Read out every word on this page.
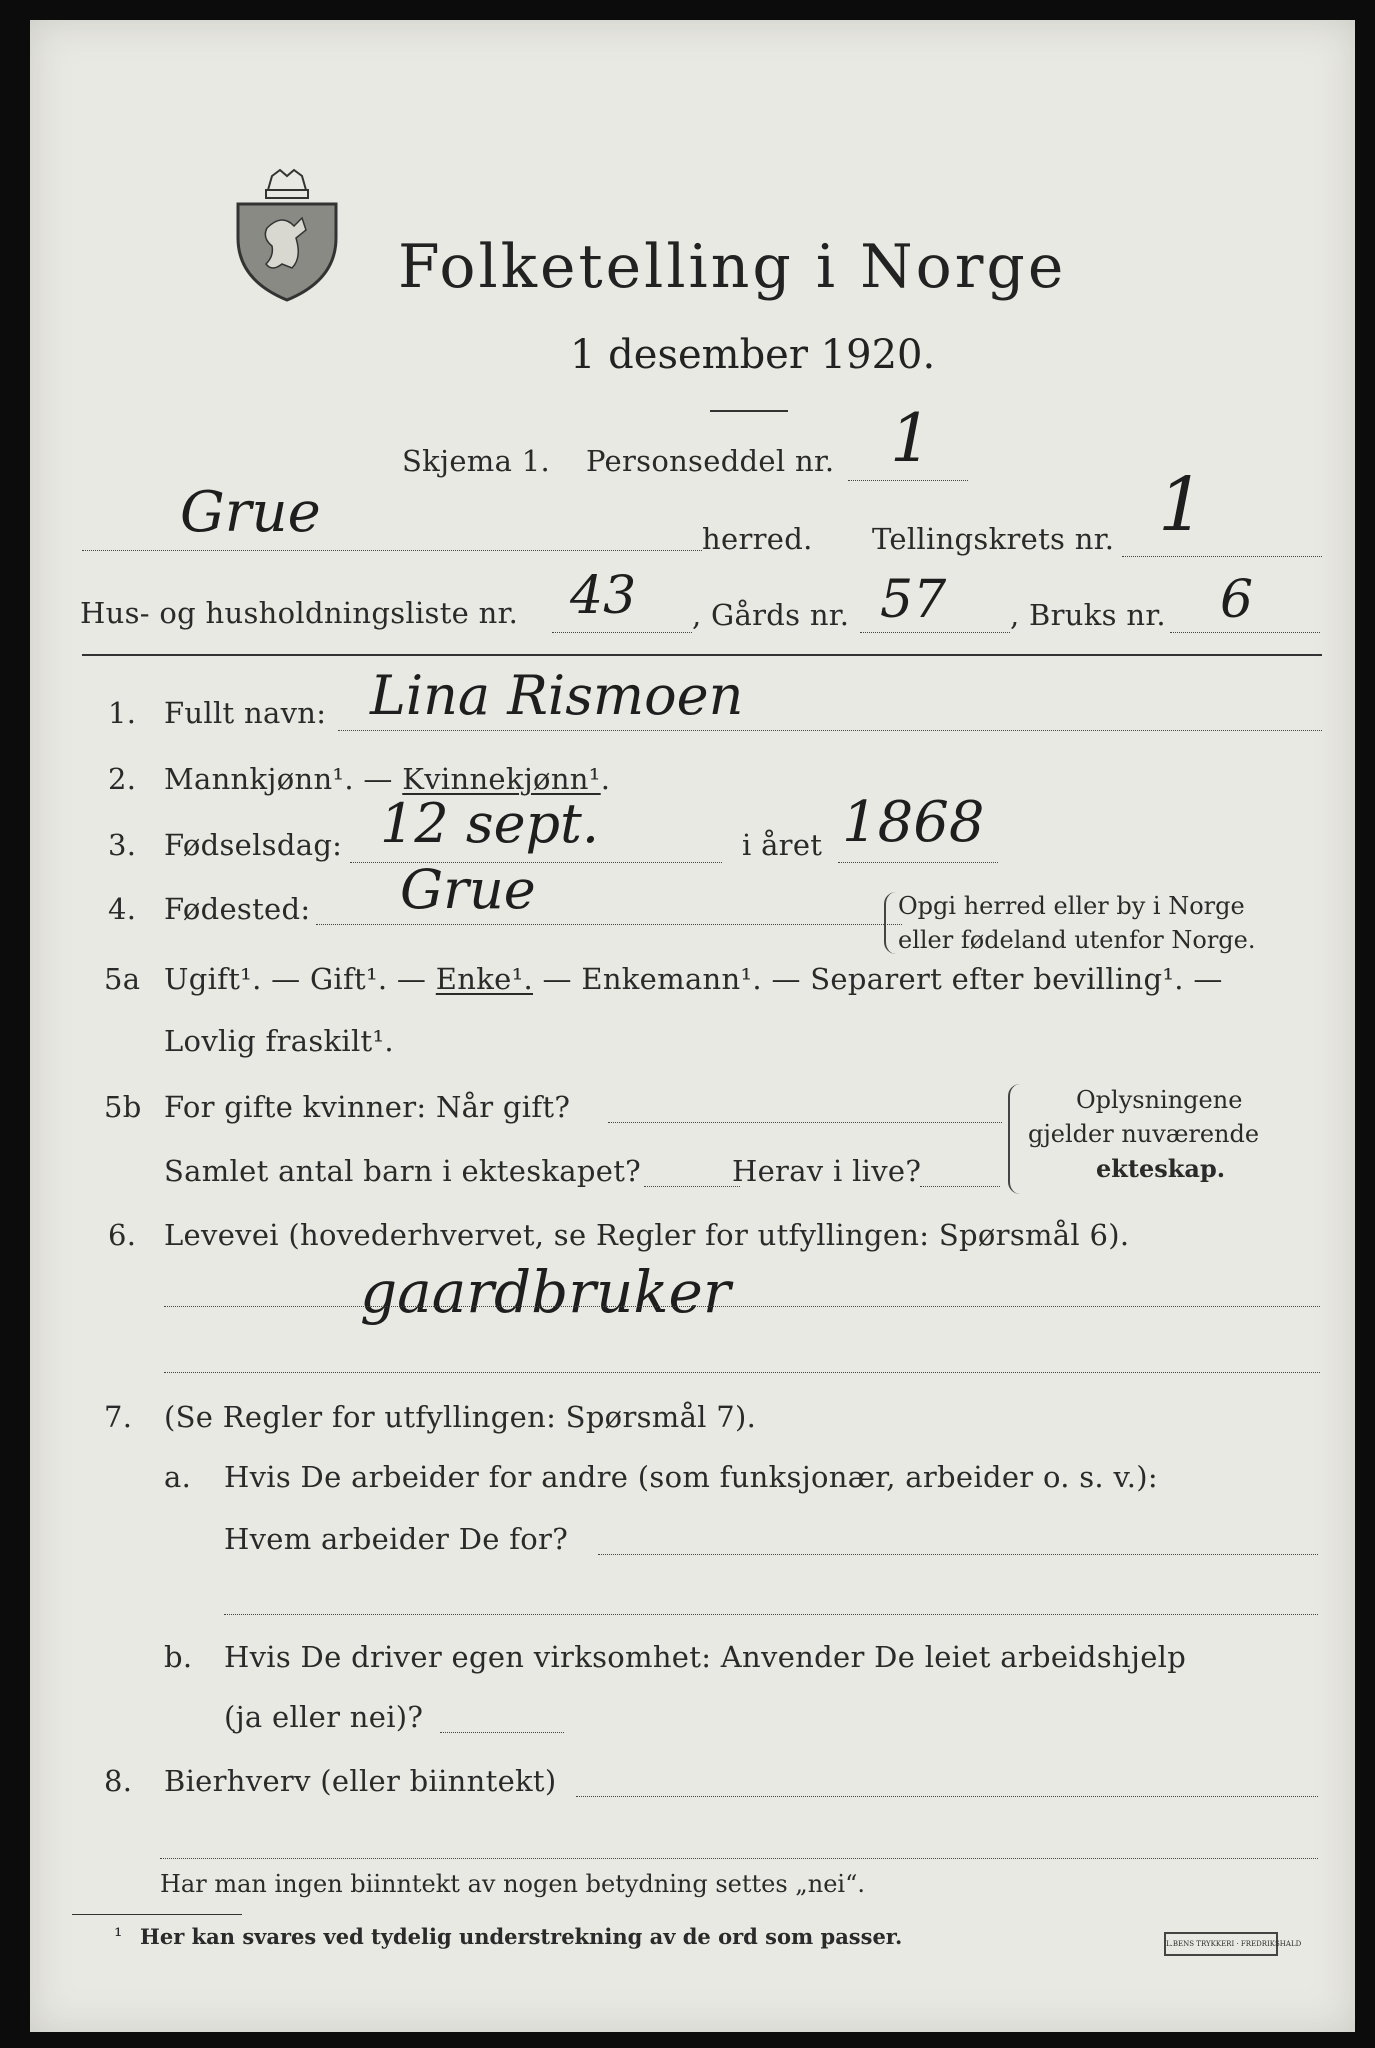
Folketelling i Norge
1 desember 1920.
Skjema 1. Personseddel nr. 1
Grue	herred. Tellingskrets nr. 1
Hus- og husholdningsliste nr. 43 , Gårds nr. 57 , Bruks nr. 6
1. Fullt navn: Lina Rismoen
2. Mannkjønn¹. — Kvinnekjønn¹.
3. Fødselsdag: 12 sept.	i året 1868
4. Fødested: Grue	Opgi herred eller by i Norge
eller fødeland utenfor Norge.
5a Ugift¹. — Gift¹. — Enke¹. — Enkemann¹. — Separert efter bevilling¹. —
Lovlig fraskilt¹.
5b For gifte kvinner: Når gift?
Samlet antal barn i ekteskapet?	Herav i live?
Oplysningene
gjelder nuværende
ekteskap.
6. Levevei (hovederhvervet, se Regler for utfyllingen: Spørsmål 6).
gaardbruker
7. (Se Regler for utfyllingen: Spørsmål 7).
a. Hvis De arbeider for andre (som funksjonær, arbeider o. s. v.):
Hvem arbeider De for?
b. Hvis De driver egen virksomhet: Anvender De leiet arbeidshjelp
(ja eller nei)?
8. Bierhverv (eller biinntekt)
Har man ingen biinntekt av nogen betydning settes „nei“.
¹ Her kan svares ved tydelig understrekning av de ord som passer.	L.BENS TRYKKERI · FREDRIKSHALD
